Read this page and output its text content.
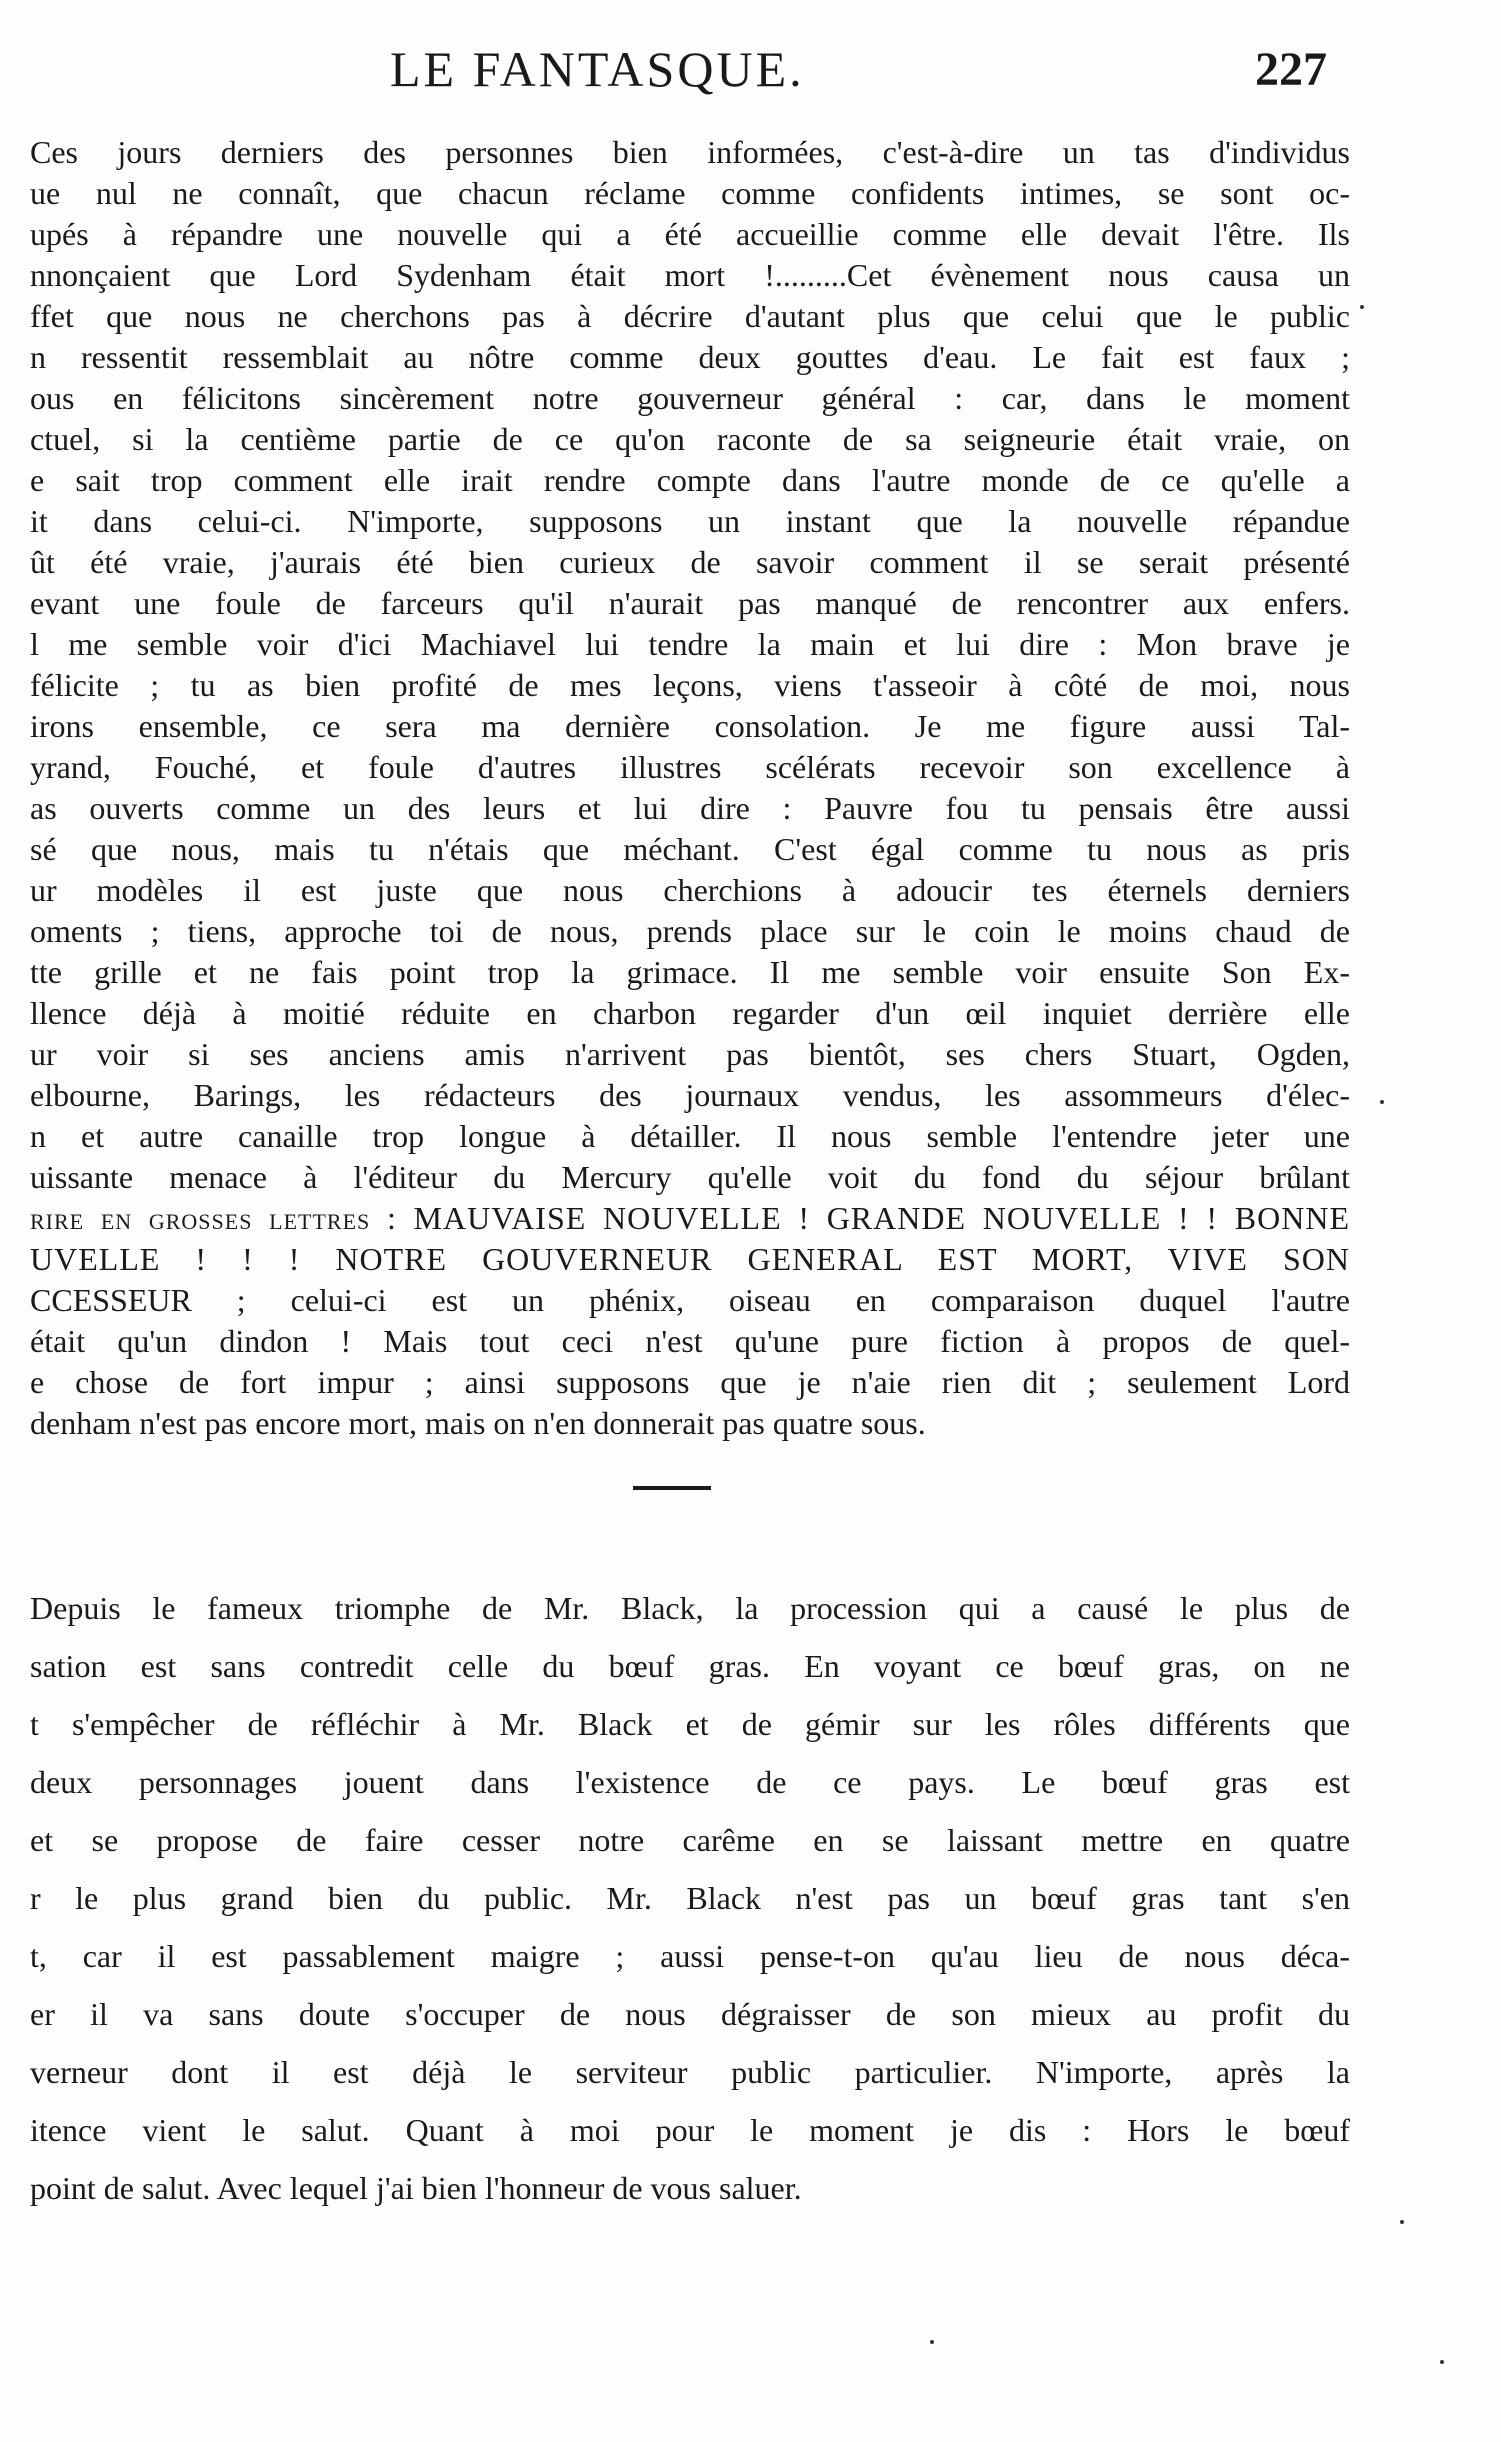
LE FANTASQUE.	227
Ces jours derniers des personnes bien informées, c'est-à-dire un tas d'individus
ue nul ne connaît, que chacun réclame comme confidents intimes, se sont oc-
upés à répandre une nouvelle qui a été accueillie comme elle devait l'être. Ils
nnonçaient que Lord Sydenham était mort !.........Cet évènement nous causa un
ffet que nous ne cherchons pas à décrire d'autant plus que celui que le public
n ressentit ressemblait au nôtre comme deux gouttes d'eau. Le fait est faux ;
ous en félicitons sincèrement notre gouverneur général : car, dans le moment
ctuel, si la centième partie de ce qu'on raconte de sa seigneurie était vraie, on
e sait trop comment elle irait rendre compte dans l'autre monde de ce qu'elle a
it dans celui-ci. N'importe, supposons un instant que la nouvelle répandue
ût été vraie, j'aurais été bien curieux de savoir comment il se serait présenté
evant une foule de farceurs qu'il n'aurait pas manqué de rencontrer aux enfers.
l me semble voir d'ici Machiavel lui tendre la main et lui dire : Mon brave je
félicite ; tu as bien profité de mes leçons, viens t'asseoir à côté de moi, nous
irons ensemble, ce sera ma dernière consolation. Je me figure aussi Tal-
yrand, Fouché, et foule d'autres illustres scélérats recevoir son excellence à
as ouverts comme un des leurs et lui dire : Pauvre fou tu pensais être aussi
sé que nous, mais tu n'étais que méchant. C'est égal comme tu nous as pris
ur modèles il est juste que nous cherchions à adoucir tes éternels derniers
oments ; tiens, approche toi de nous, prends place sur le coin le moins chaud de
tte grille et ne fais point trop la grimace. Il me semble voir ensuite Son Ex-
llence déjà à moitié réduite en charbon regarder d'un œil inquiet derrière elle
ur voir si ses anciens amis n'arrivent pas bientôt, ses chers Stuart, Ogden,
elbourne, Barings, les rédacteurs des journaux vendus, les assommeurs d'élec-
n et autre canaille trop longue à détailler. Il nous semble l'entendre jeter une
uissante menace à l'éditeur du Mercury qu'elle voit du fond du séjour brûlant
rire en grosses lettres : MAUVAISE NOUVELLE ! GRANDE NOUVELLE ! ! BONNE
UVELLE ! ! ! NOTRE GOUVERNEUR GENERAL EST MORT, VIVE SON
CCESSEUR ; celui-ci est un phénix, oiseau en comparaison duquel l'autre
était qu'un dindon ! Mais tout ceci n'est qu'une pure fiction à propos de quel-
e chose de fort impur ; ainsi supposons que je n'aie rien dit ; seulement Lord
denham n'est pas encore mort, mais on n'en donnerait pas quatre sous.
Depuis le fameux triomphe de Mr. Black, la procession qui a causé le plus de
sation est sans contredit celle du bœuf gras. En voyant ce bœuf gras, on ne
t s'empêcher de réfléchir à Mr. Black et de gémir sur les rôles différents que
deux personnages jouent dans l'existence de ce pays. Le bœuf gras est
et se propose de faire cesser notre carême en se laissant mettre en quatre
r le plus grand bien du public. Mr. Black n'est pas un bœuf gras tant s'en
t, car il est passablement maigre ; aussi pense-t-on qu'au lieu de nous déca-
er il va sans doute s'occuper de nous dégraisser de son mieux au profit du
verneur dont il est déjà le serviteur public particulier. N'importe, après la
itence vient le salut. Quant à moi pour le moment je dis : Hors le bœuf
point de salut. Avec lequel j'ai bien l'honneur de vous saluer.
